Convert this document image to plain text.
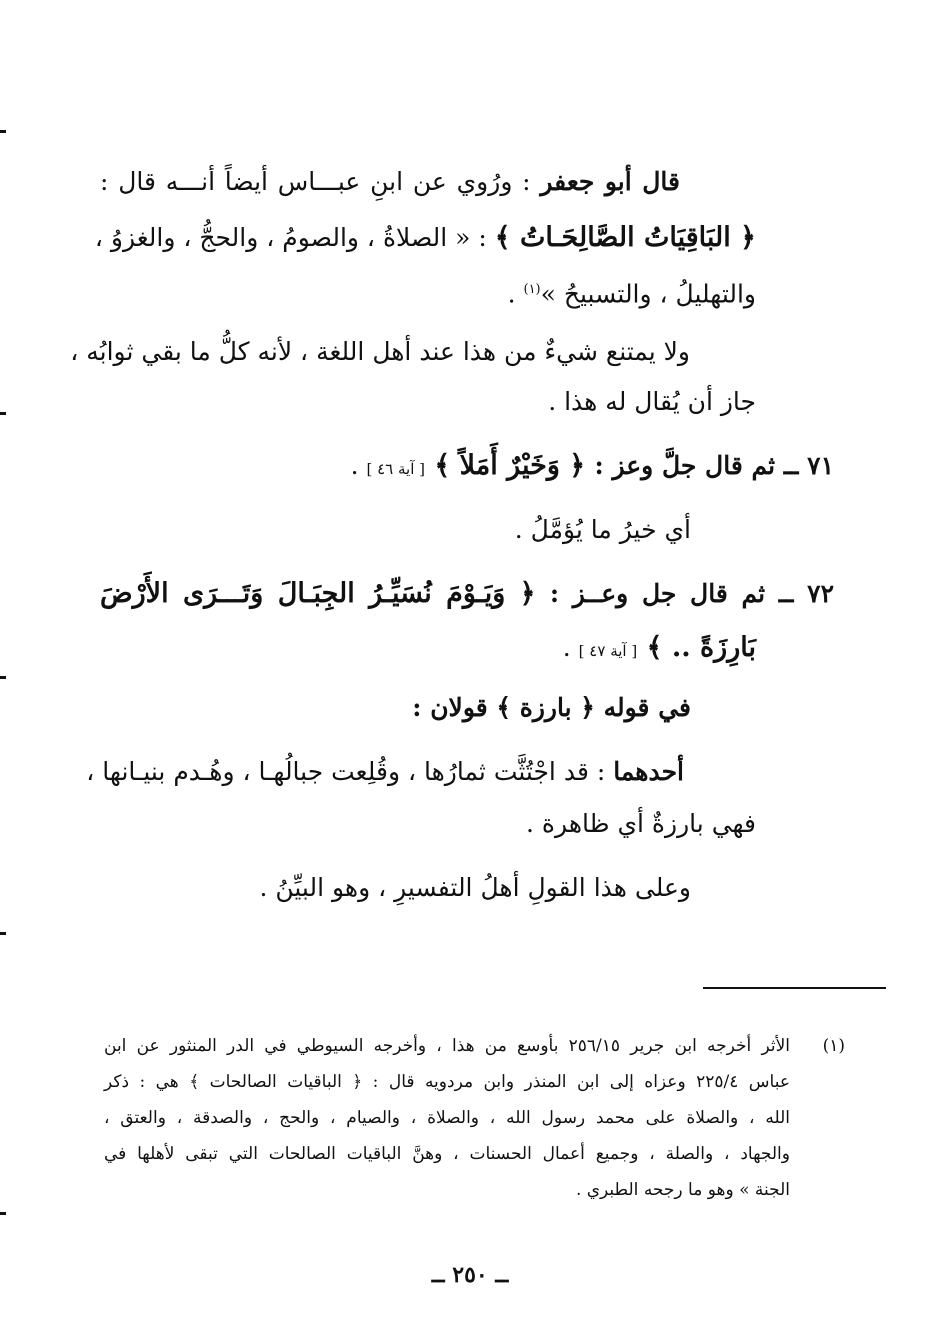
قال أبو جعفر : ورُوي عن ابنِ عبـــاس أيضاً أنـــه قال :
﴿ البَاقِيَاتُ الصَّالِحَـاتُ ﴾ : « الصلاةُ ، والصومُ ، والحجُّ ، والغزوُ ،
والتهليلُ ، والتسبيحُ »$^{(١)}$ .
ولا يمتنع شيءٌ من هذا عند أهل اللغة ، لأنه كلُّ ما بقي ثوابُه ،
جاز أن يُقال له هذا .
٧١ ــ ثم قال جلَّ وعز : ﴿ وَخَيْرٌ أَمَلاً ﴾ [ آية ٤٦ ] .
أي خيرُ ما يُؤمَّلُ .
٧٢ ــ ثم قال جل وعــز : ﴿ وَيَـوْمَ نُسَيِّـرُ الجِبَـالَ وَتَـــرَى الأَرْضَ
بَارِزَةً .. ﴾ [ آية ٤٧ ] .
في قوله ﴿ بارزة ﴾ قولان :
أحدهما : قد اجْتُثَّت ثمارُها ، وقُلِعت جبالُهـا ، وهُـدم بنيـانها ،
فهي بارزةٌ أي ظاهرة .
وعلى هذا القولِ أهلُ التفسيرِ ، وهو البيِّنُ .
(١)
الأثر أخرجه ابن جرير ٢٥٦/١٥ بأوسع من هذا ، وأخرجه السيوطي في الدر المنثور عن ابن
عباس ٢٢٥/٤ وعزاه إلى ابن المنذر وابن مردويه قال : ﴿ الباقيات الصالحات ﴾ هي : ذكر
الله ، والصلاة على محمد رسول الله ، والصلاة ، والصيام ، والحج ، والصدقة ، والعتق ،
والجهاد ، والصلة ، وجميع أعمال الحسنات ، وهنَّ الباقيات الصالحات التي تبقى لأهلها في
الجنة » وهو ما رجحه الطبري .
ــ ٢٥٠ ــ
